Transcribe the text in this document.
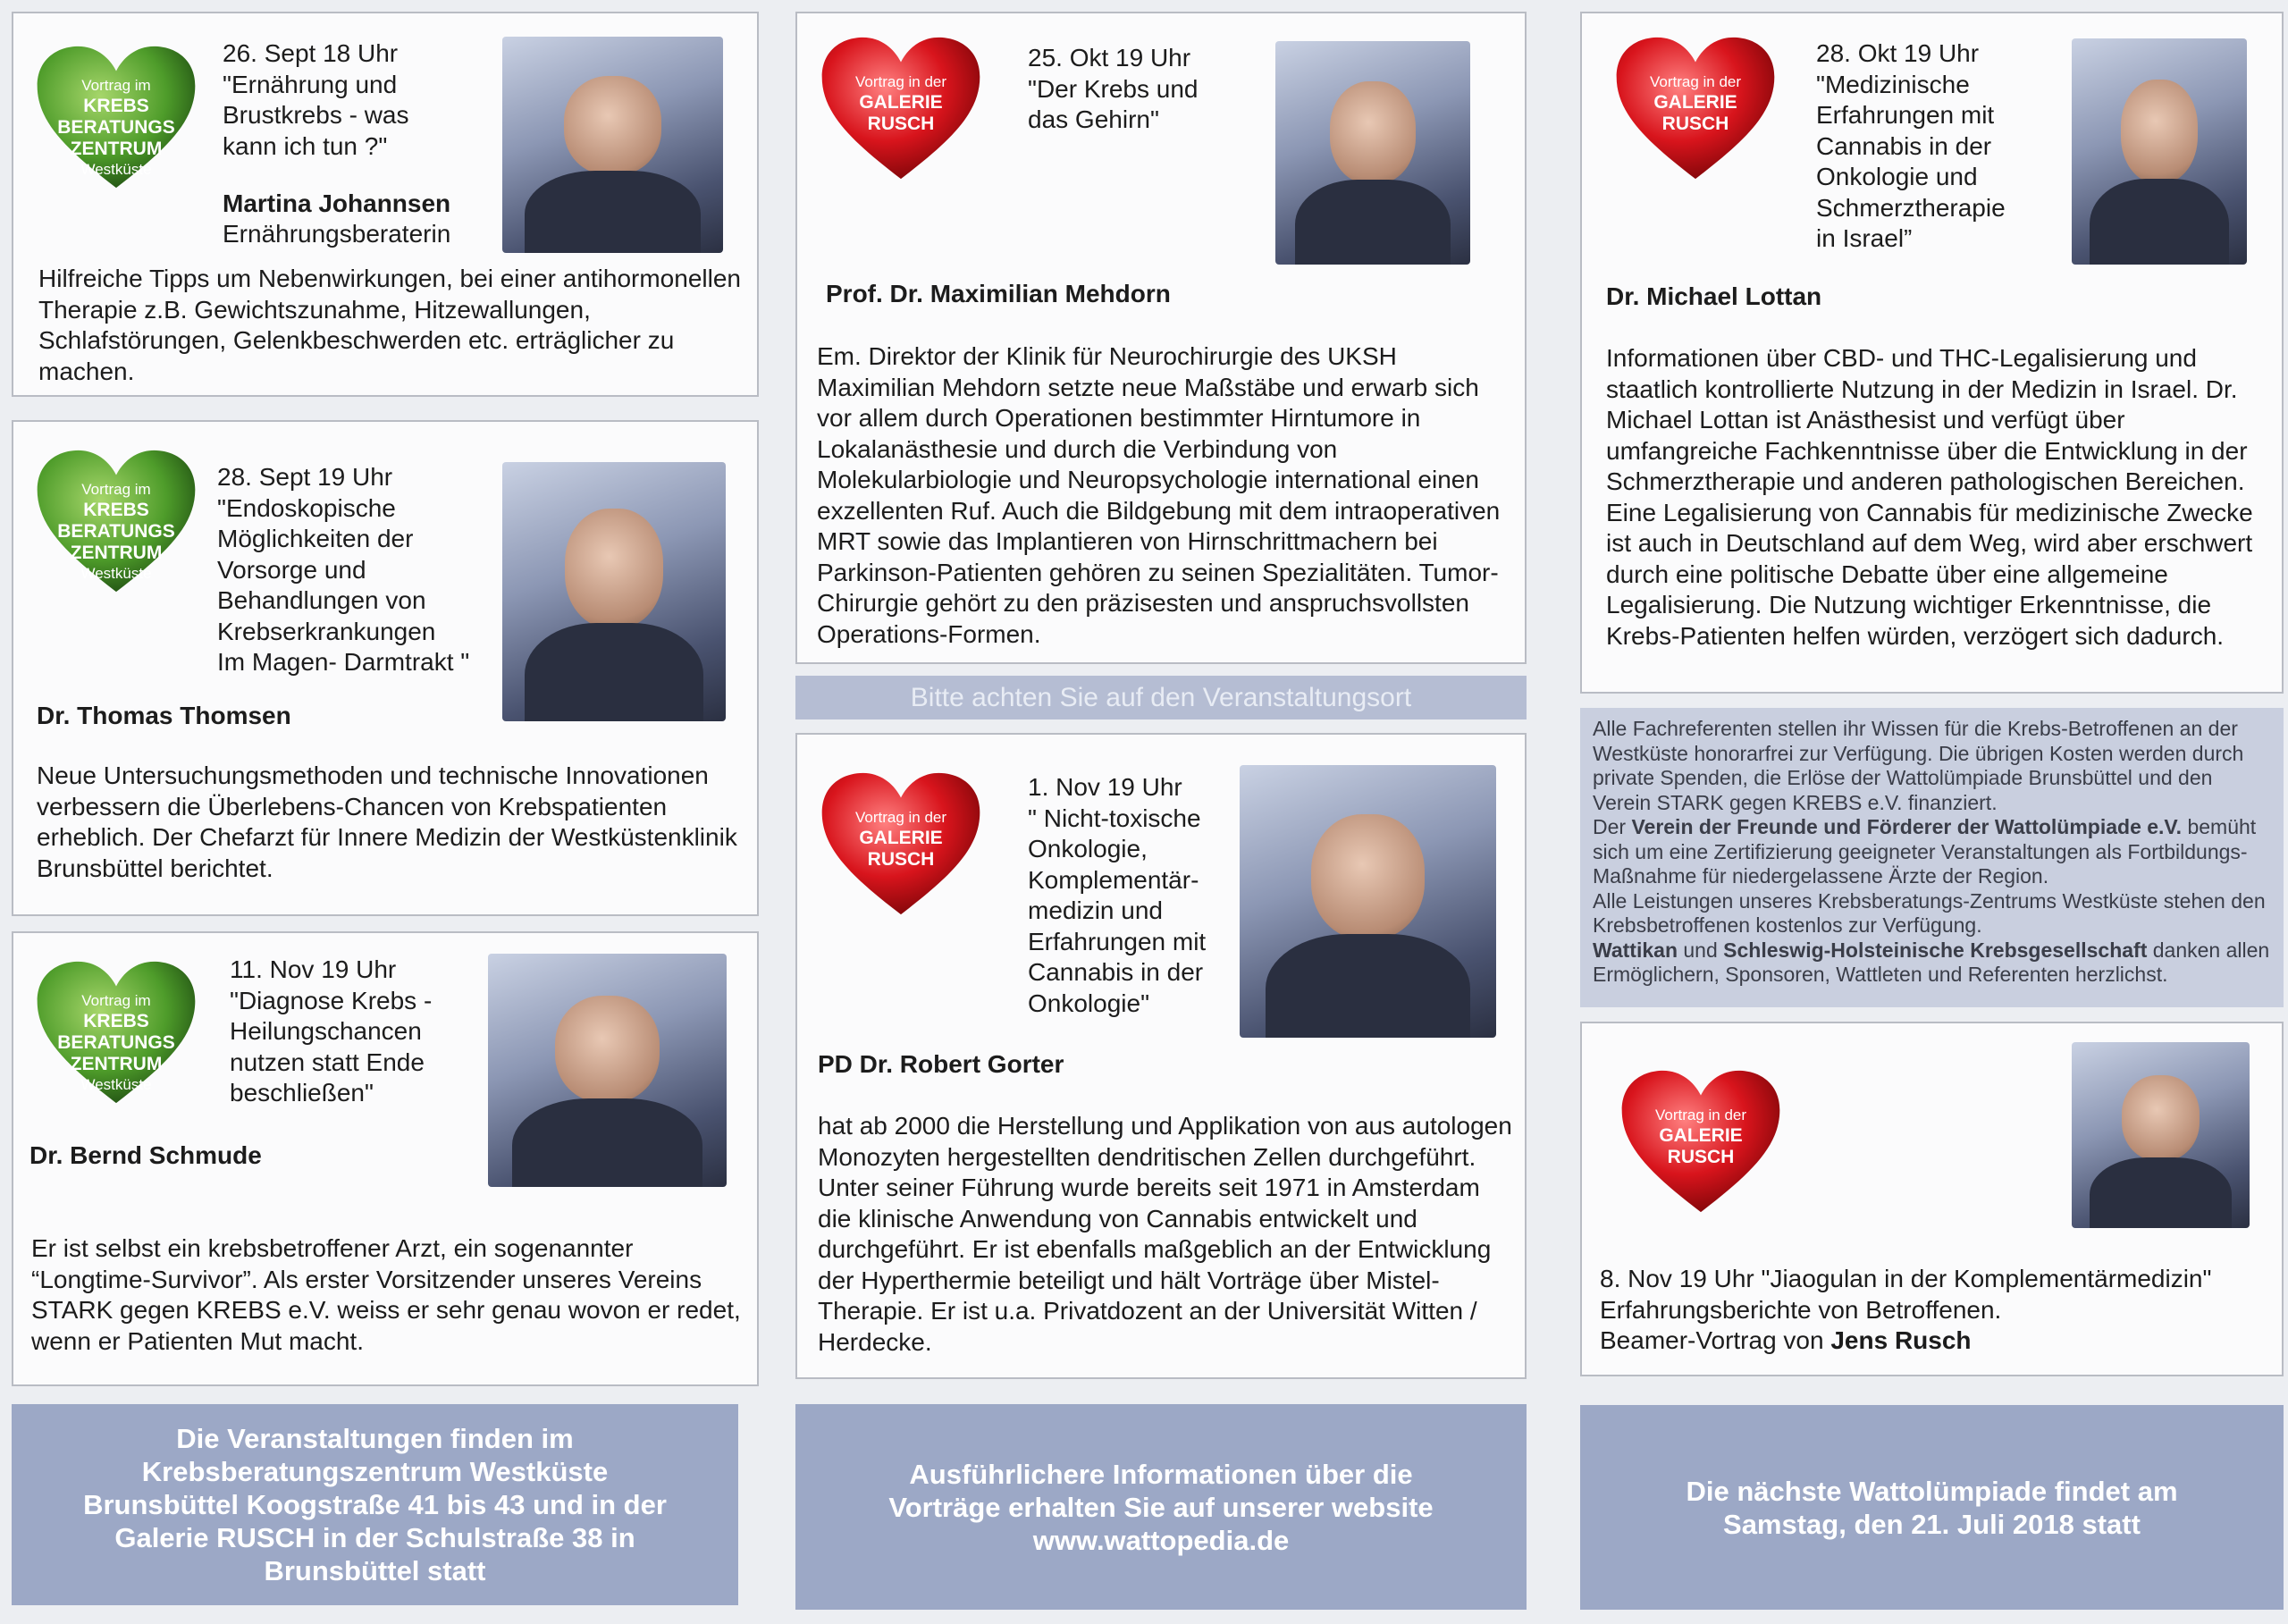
Vortrag im
KREBS
BERATUNGS
ZENTRUM
Westküste
26. Sept 18 Uhr
"Ernährung und
Brustkrebs - was
kann ich tun ?"
Martina Johannsen
Ernährungsberaterin
Hilfreiche Tipps um Nebenwirkungen, bei einer antihormonellen Therapie z.B. Gewichtszunahme, Hitzewallungen, Schlafstörungen, Gelenkbeschwerden etc. erträglicher zu machen.
Vortrag im
KREBS
BERATUNGS
ZENTRUM
Westküste
28. Sept 19 Uhr
"Endoskopische
Möglichkeiten der
Vorsorge und
Behandlungen von
Krebserkrankungen
Im Magen- Darmtrakt "
Dr. Thomas Thomsen
Neue Untersuchungsmethoden und technische Innovationen verbessern die Überlebens-Chancen von Krebspatienten erheblich. Der Chefarzt für Innere Medizin der Westküstenklinik Brunsbüttel berichtet.
Vortrag im
KREBS
BERATUNGS
ZENTRUM
Westküste
11. Nov 19 Uhr
"Diagnose Krebs -
Heilungschancen
nutzen statt Ende
beschließen"
Dr. Bernd Schmude
Er ist selbst ein krebsbetroffener Arzt, ein sogenannter “Longtime-Survivor”. Als erster Vorsitzender unseres Vereins STARK gegen KREBS e.V. weiss er sehr genau wovon er redet, wenn er Patienten Mut macht.
Die Veranstaltungen finden im
Krebsberatungszentrum Westküste
Brunsbüttel Koogstraße 41 bis 43 und in der
Galerie RUSCH in der Schulstraße 38 in
Brunsbüttel statt
Vortrag in der
GALERIE
RUSCH
25. Okt 19 Uhr
"Der Krebs und
das Gehirn"
Prof. Dr. Maximilian Mehdorn
Em. Direktor der Klinik für Neurochirurgie des UKSH Maximilian Mehdorn setzte neue Maßstäbe und erwarb sich vor allem durch Operationen bestimmter Hirntumore in Lokalanästhesie und durch die Verbindung von Molekularbiologie und Neuropsychologie international einen exzellenten Ruf. Auch die Bildgebung mit dem intraoperativen MRT sowie das Implantieren von Hirnschrittmachern bei Parkinson-Patienten gehören zu seinen Spezialitäten. Tumor-Chirurgie gehört zu den präzisesten und anspruchsvollsten Operations-Formen.
Bitte achten Sie auf den Veranstaltungsort
Vortrag in der
GALERIE
RUSCH
1. Nov 19 Uhr
" Nicht-toxische
Onkologie,
Komplementär-
medizin und
Erfahrungen mit
Cannabis in der
Onkologie"
PD Dr. Robert Gorter
hat ab 2000 die Herstellung und Applikation von aus autologen Monozyten hergestellten dendritischen Zellen durchgeführt. Unter seiner Führung wurde bereits seit 1971 in Amsterdam die klinische Anwendung von Cannabis entwickelt und durchgeführt. Er ist ebenfalls maßgeblich an der Entwicklung der Hyperthermie beteiligt und hält Vorträge über Mistel-Therapie. Er ist u.a. Privatdozent an der Universität Witten / Herdecke.
Ausführlichere Informationen über die
Vorträge erhalten Sie auf unserer website
www.wattopedia.de
Vortrag in der
GALERIE
RUSCH
28. Okt 19 Uhr
"Medizinische
Erfahrungen mit
Cannabis in der
Onkologie und
Schmerztherapie
in Israel”
Dr. Michael Lottan
Informationen über CBD- und THC-Legalisierung und staatlich kontrollierte Nutzung in der Medizin in Israel. Dr. Michael Lottan ist Anästhesist und verfügt über umfangreiche Fachkenntnisse über die Entwicklung in der Schmerztherapie und anderen pathologischen Bereichen. Eine Legalisierung von Cannabis für medizinische Zwecke ist auch in Deutschland auf dem Weg, wird aber erschwert durch eine politische Debatte über eine allgemeine Legalisierung. Die Nutzung wichtiger Erkenntnisse, die Krebs-Patienten helfen würden, verzögert sich dadurch.
Alle Fachreferenten stellen ihr Wissen für die Krebs-Betroffenen an der Westküste honorarfrei zur Verfügung. Die übrigen Kosten werden durch private Spenden, die Erlöse der Wattolümpiade Brunsbüttel und den Verein STARK gegen KREBS e.V. finanziert.
Der Verein der Freunde und Förderer der Wattolümpiade e.V. bemüht sich um eine Zertifizierung geeigneter Veranstaltungen als Fortbildungs-Maßnahme für niedergelassene Ärzte der Region.
Alle Leistungen unseres Krebsberatungs-Zentrums Westküste stehen den Krebsbetroffenen kostenlos zur Verfügung.
Wattikan und Schleswig-Holsteinische Krebsgesellschaft danken allen Ermöglichern, Sponsoren, Wattleten und Referenten herzlichst.
Vortrag in der
GALERIE
RUSCH
8. Nov 19 Uhr "Jiaogulan in der Komplementärmedizin"
Erfahrungsberichte von Betroffenen.
Beamer-Vortrag von Jens Rusch
Die nächste Wattolümpiade findet am
Samstag, den 21. Juli 2018 statt
